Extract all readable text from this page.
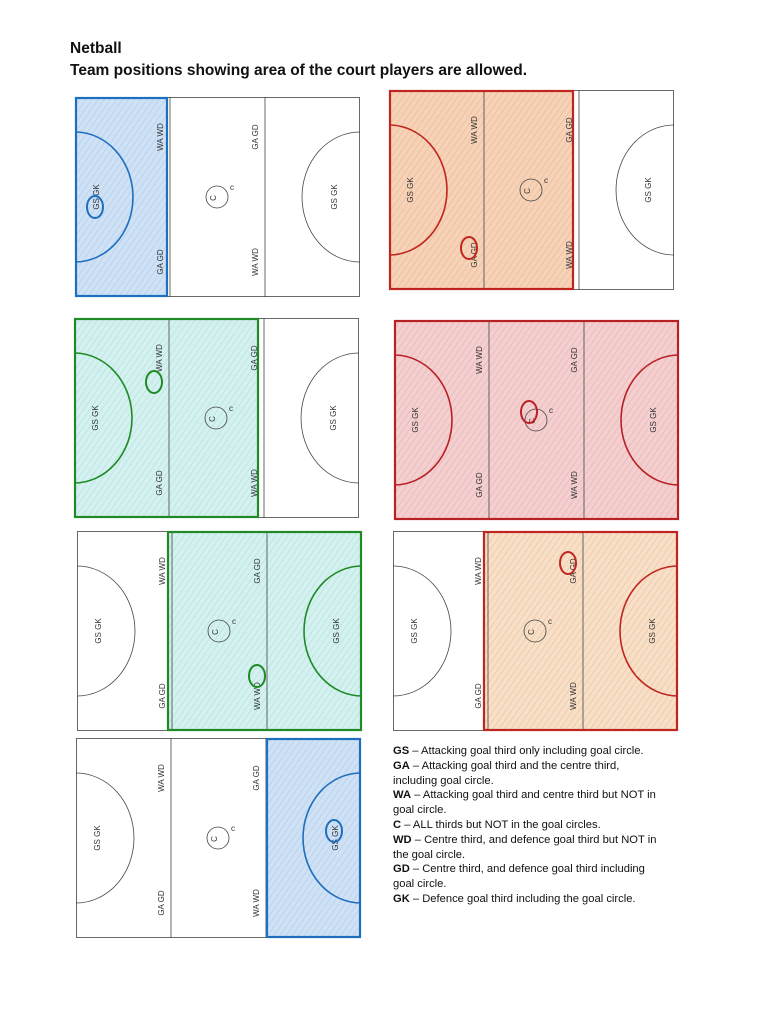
Netball
Team positions showing area of the court players are allowed.
GS GK	GS GK
WA WD
GA GD
GA GD
WA WD
C
c	GS GK	GS GK
WA WD
GA GD
GA GD
WA WD
C
c
GS GK	GS GK
WA WD
GA GD
GA GD
WA WD
C
c	GS GK	GS GK
WA WD
GA GD
GA GD
WA WD
C
c
GS GK	GS GK
WA WD
GA GD
GA GD
WA WD
C
c	GS GK	GS GK
WA WD
GA GD
GA GD
WA WD
C
c
GS GK	GS GK
WA WD
GA GD
GA GD
WA WD
C
c

GS – Attacking goal third only including goal circle.

GA – Attacking goal third and the centre third, including goal circle.

WA – Attacking goal third and centre third but NOT in goal circle.

C – ALL thirds but NOT in the goal circles.

WD – Centre third, and defence goal third but NOT in the goal circle.

GD – Centre third, and defence goal third including goal circle.

GK – Defence goal third including the goal circle.
